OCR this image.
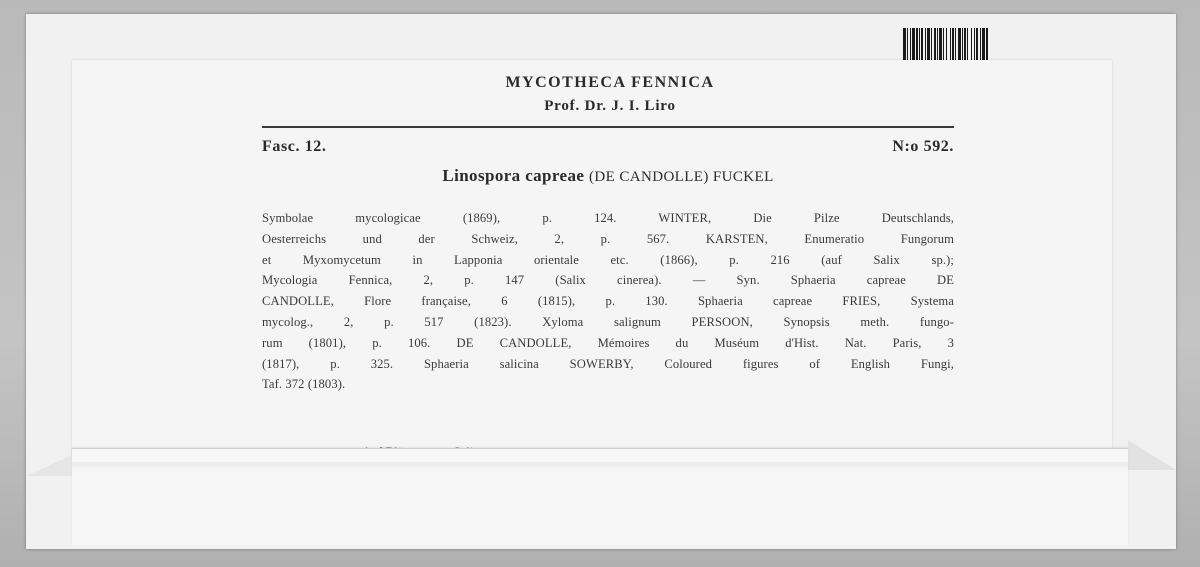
MYCOTHECA FENNICA
Prof. Dr. J. I. Liro
Fasc. 12.	N:o 592.
Linospora capreae (DE CANDOLLE) FUCKEL
Symbolae mycologicae (1869), p. 124. WINTER, Die Pilze Deutschlands,
Oesterreichs und der Schweiz, 2, p. 567. KARSTEN, Enumeratio Fungorum
et Myxomycetum in Lapponia orientale etc. (1866), p. 216 (auf Salix sp.);
Mycologia Fennica, 2, p. 147 (Salix cinerea). — Syn. Sphaeria capreae DE
CANDOLLE, Flore française, 6 (1815), p. 130. Sphaeria capreae FRIES, Systema
mycolog., 2, p. 517 (1823). Xyloma salignum PERSOON, Synopsis meth. fungo-
rum (1801), p. 106. DE CANDOLLE, Mémoires du Muséum d'Hist. Nat. Paris, 3
(1817), p. 325. Sphaeria salicina SOWERBY, Coloured figures of English Fungi,
Taf. 372 (1803).
